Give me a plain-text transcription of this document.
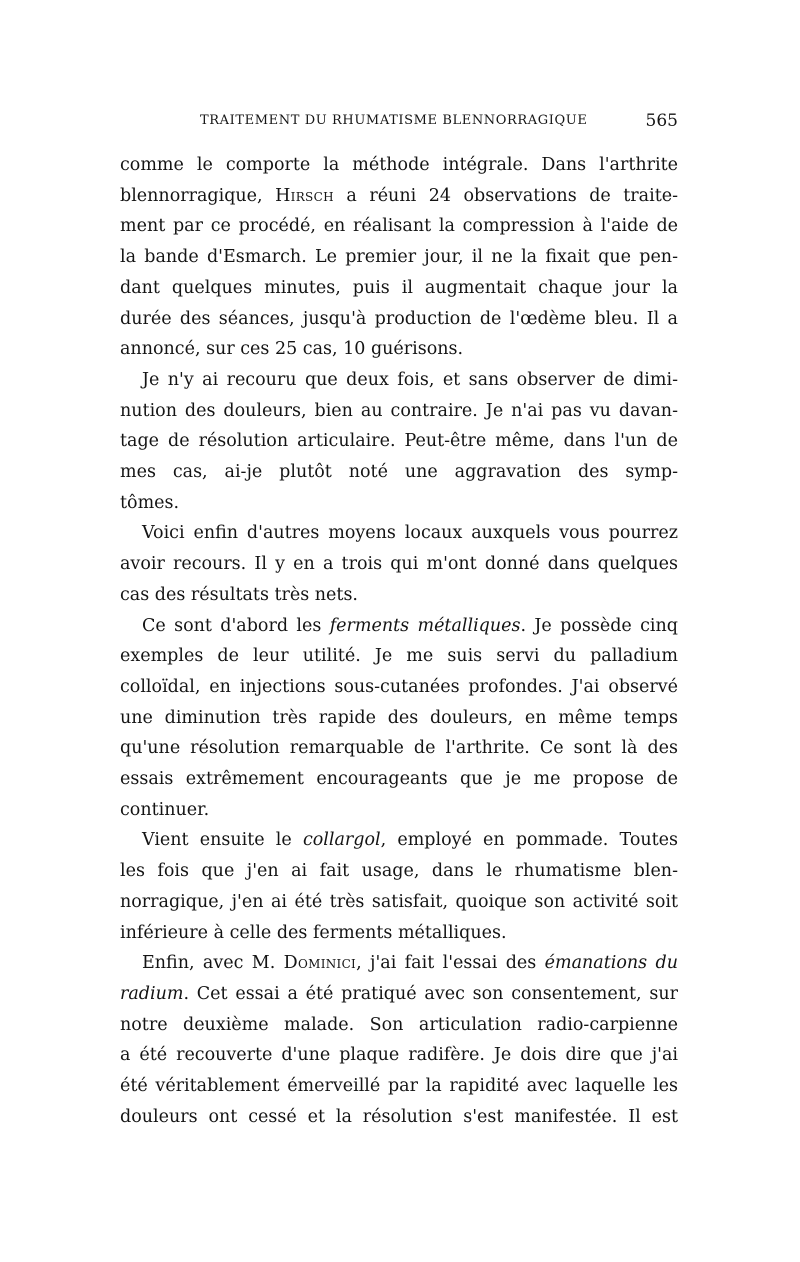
TRAITEMENT DU RHUMATISME BLENNORRAGIQUE	565

comme le comporte la méthode intégrale. Dans l'arthrite
blennorragique, Hirsch a réuni 24 observations de traite-
ment par ce procédé, en réalisant la compression à l'aide de
la bande d'Esmarch. Le premier jour, il ne la fixait que pen-
dant quelques minutes, puis il augmentait chaque jour la
durée des séances, jusqu'à production de l'œdème bleu. Il a
annoncé, sur ces 25 cas, 10 guérisons.

Je n'y ai recouru que deux fois, et sans observer de dimi-
nution des douleurs, bien au contraire. Je n'ai pas vu davan-
tage de résolution articulaire. Peut-être même, dans l'un de
mes cas, ai-je plutôt noté une aggravation des symp-
tômes.

Voici enfin d'autres moyens locaux auxquels vous pourrez
avoir recours. Il y en a trois qui m'ont donné dans quelques
cas des résultats très nets.

Ce sont d'abord les ferments métalliques. Je possède cinq
exemples de leur utilité. Je me suis servi du palladium
colloïdal, en injections sous-cutanées profondes. J'ai observé
une diminution très rapide des douleurs, en même temps
qu'une résolution remarquable de l'arthrite. Ce sont là des
essais extrêmement encourageants que je me propose de
continuer.

Vient ensuite le collargol, employé en pommade. Toutes
les fois que j'en ai fait usage, dans le rhumatisme blen-
norragique, j'en ai été très satisfait, quoique son activité soit
inférieure à celle des ferments métalliques.

Enfin, avec M. Dominici, j'ai fait l'essai des émanations du
radium. Cet essai a été pratiqué avec son consentement, sur
notre deuxième malade. Son articulation radio-carpienne
a été recouverte d'une plaque radifère. Je dois dire que j'ai
été véritablement émerveillé par la rapidité avec laquelle les
douleurs ont cessé et la résolution s'est manifestée. Il est
